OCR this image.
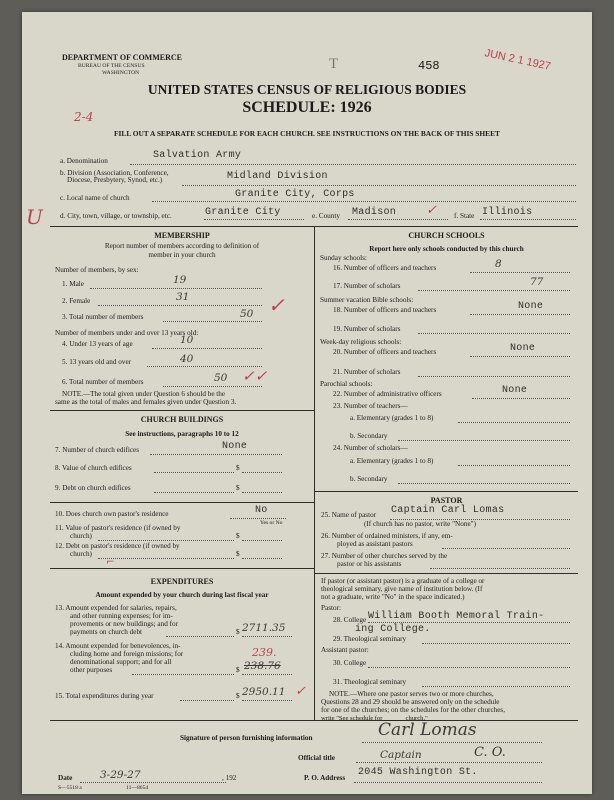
DEPARTMENT OF COMMERCE
BUREAU OF THE CENSUS
WASHINGTON
T	458	JUN 2 1 1927
UNITED STATES CENSUS OF RELIGIOUS BODIES
SCHEDULE: 1926
2-4
FILL OUT A SEPARATE SCHEDULE FOR EACH CHURCH. SEE INSTRUCTIONS ON THE BACK OF THIS SHEET
a. Denomination	Salvation Army
b. Division (Association, Conference,
Diocese, Presbytery, Synod, etc.)	Midland Division
c. Local name of church	Granite City, Corps
U d. City, town, village, or township, etc.	Granite City	e. County Madison ✓ f. State Illinois
MEMBERSHIP
Report number of members according to definition of
member in your church
Number of members, by sex:
1. Male	19
2. Female	31
3. Total number of members	50 ✓
Number of members under and over 13 years old:
4. Under 13 years of age	10
5. 13 years old and over	40
6. Total number of members	50 ✓✓
NOTE.—The total given under Question 6 should be the
same as the total of males and females given under Question 3.
CHURCH BUILDINGS
See instructions, paragraphs 10 to 12
7. Number of church edifices	None
8. Value of church edifices	$
9. Debt on church edifices	$
10. Does church own pastor's residence	No
Yes or No
11. Value of pastor's residence (if owned by
church)	$
12. Debt on pastor's residence (if owned by
church)	$
⌐
EXPENDITURES
Amount expended by your church during last fiscal year
13. Amount expended for salaries, repairs,
and other running expenses; for im-
provements or new buildings; and for
payments on church debt	$ 2711.35
14. Amount expended for benevolences, in-
cluding home and foreign missions; for
denominational support; and for all
other purposes	$
239.
238.76
15. Total expenditures during year	$ 2950.11 ✓
CHURCH SCHOOLS
Report here only schools conducted by this church
Sunday schools:
16. Number of officers and teachers	8
17. Number of scholars	77
Summer vacation Bible schools:
18. Number of officers and teachers	None
19. Number of scholars
Week-day religious schools:
20. Number of officers and teachers	None
21. Number of scholars
Parochial schools:
22. Number of administrative officers	None
23. Number of teachers—
a. Elementary (grades 1 to 8)
b. Secondary
24. Number of scholars—
a. Elementary (grades 1 to 8)
b. Secondary
PASTOR
25. Name of pastor Captain Carl Lomas
(If church has no pastor, write "None")
26. Number of ordained ministers, if any, em-
ployed as assistant pastors
27. Number of other churches served by the
pastor or his assistants
If pastor (or assistant pastor) is a graduate of a college or
theological seminary, give name of institution below. (If
not a graduate, write "No" in the space indicated.)
Pastor:
28. College William Booth Memoral Train-
ing College.
29. Theological seminary
Assistant pastor:
30. College
31. Theological seminary
NOTE.—Where one pastor serves two or more churches,
Questions 28 and 29 should be answered only on the schedule
for one of the churches; on the schedules for the other churches,
write "See schedule for ______ church."
Signature of person furnishing information	Carl Lomas
Official title	Captain	C. O.
Date	3-29-27	, 192	P. O. Address 2045 Washington St.
S—5518 a	11—8654
